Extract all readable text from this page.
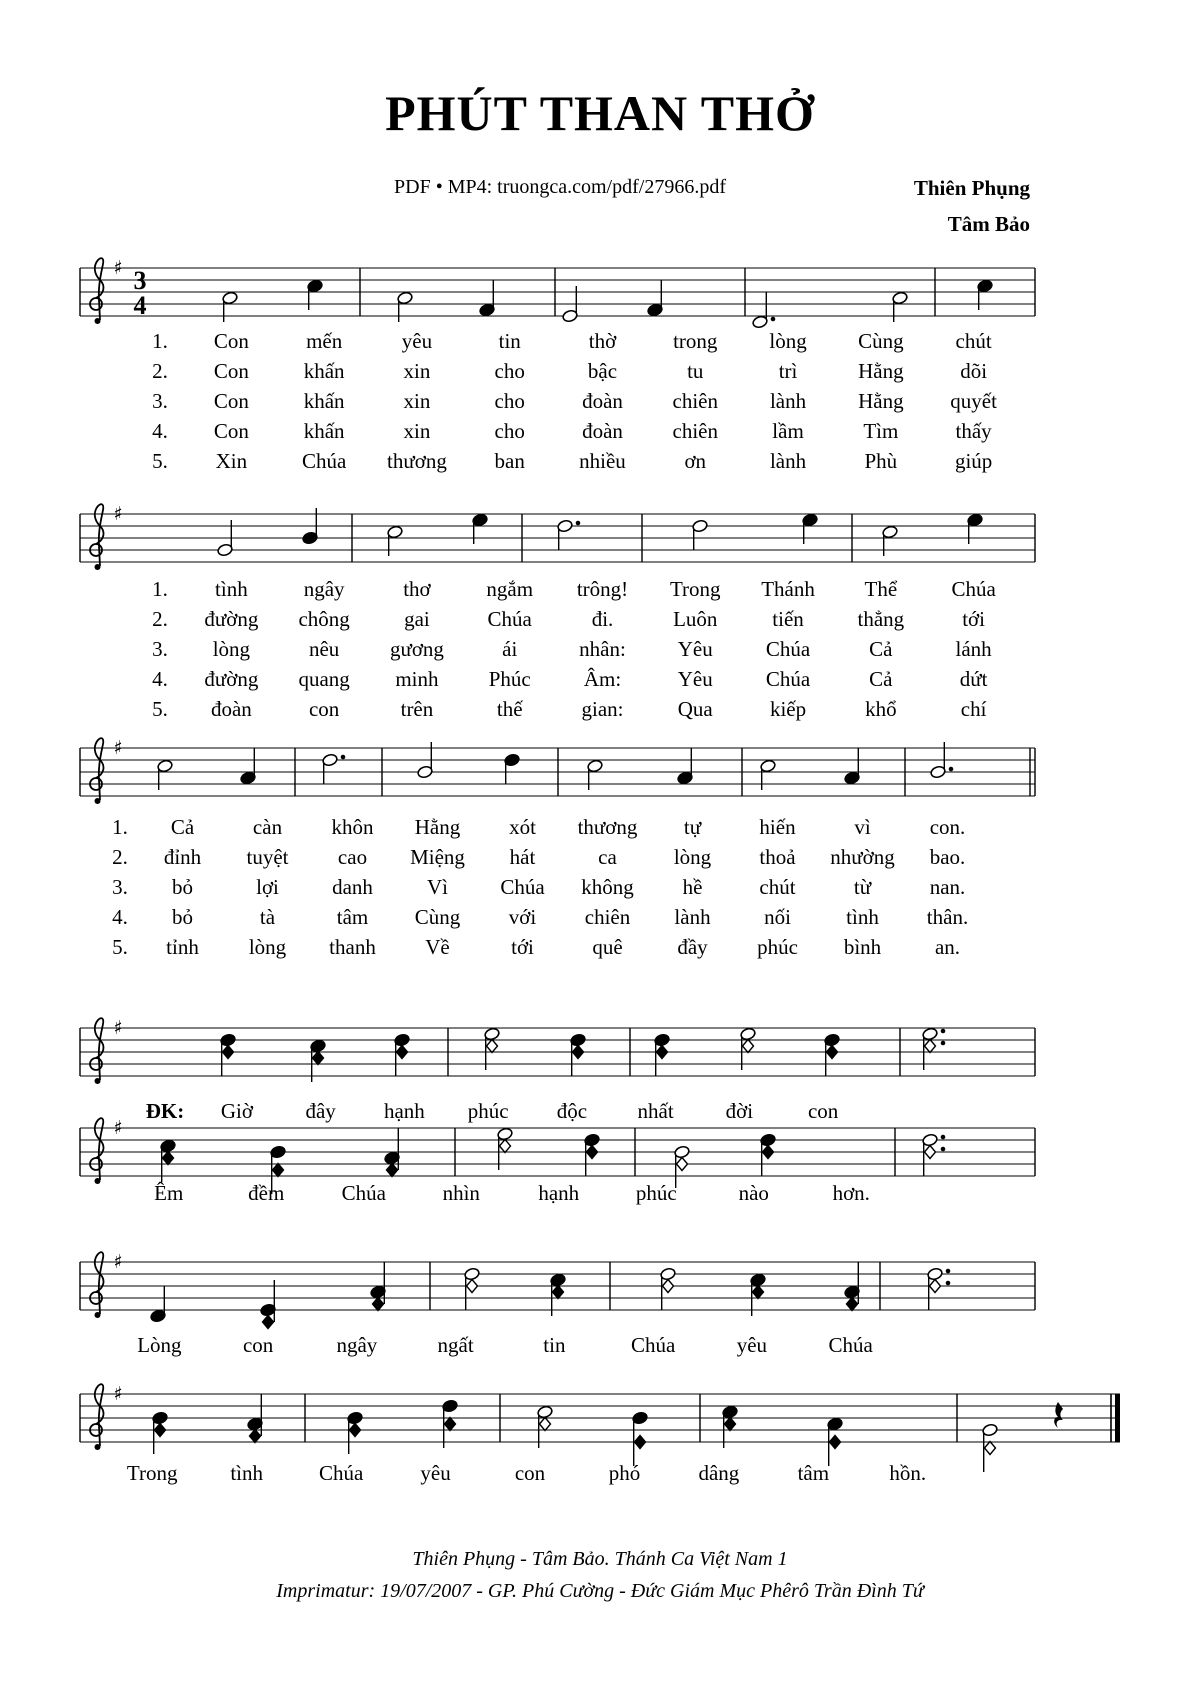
PHÚT THAN THỞ
PDF • MP4: truongca.com/pdf/27966.pdf	Thiên Phụng
Tâm Bảo
♯ 3
4
♯
♯
♯
♯
♯
♯
1.	Con	mến	yêu	tin	thờ	trong	lòng	Cùng	chút
2.	Con	khấn	xin	cho	bậc	tu	trì	Hằng	dõi
3.	Con	khấn	xin	cho	đoàn	chiên	lành	Hằng	quyết
4.	Con	khấn	xin	cho	đoàn	chiên	lầm	Tìm	thấy
5.	Xin	Chúa	thương	ban	nhiều	ơn	lành	Phù	giúp
1.	tình	ngây	thơ	ngắm	trông!	Trong	Thánh	Thể	Chúa
2.	đường	chông	gai	Chúa	đi.	Luôn	tiến	thẳng	tới
3.	lòng	nêu	gương	ái	nhân:	Yêu	Chúa	Cả	lánh
4.	đường	quang	minh	Phúc	Âm:	Yêu	Chúa	Cả	dứt
5.	đoàn	con	trên	thế	gian:	Qua	kiếp	khổ	chí
1.	Cả	càn	khôn	Hằng	xót	thương	tự	hiến	vì	con.
2.	đỉnh	tuyệt	cao	Miệng	hát	ca	lòng	thoả	nhường	bao.
3.	bỏ	lợi	danh	Vì	Chúa	không	hề	chút	từ	nan.
4.	bỏ	tà	tâm	Cùng	với	chiên	lành	nối	tình	thân.
5.	tỉnh	lòng	thanh	Về	tới	quê	đầy	phúc	bình	an.
ĐK:	Giờ	đây	hạnh	phúc	độc	nhất	đời	con
Êm	đềm	Chúa	nhìn	hạnh	phúc	nào	hơn.
Lòng	con	ngây	ngất	tin	Chúa	yêu	Chúa
Trong	tình	Chúa	yêu	con	phó	dâng	tâm	hồn.
Thiên Phụng - Tâm Bảo. Thánh Ca Việt Nam 1
Imprimatur: 19/07/2007 - GP. Phú Cường - Đức Giám Mục Phêrô Trần Đình Tứ
